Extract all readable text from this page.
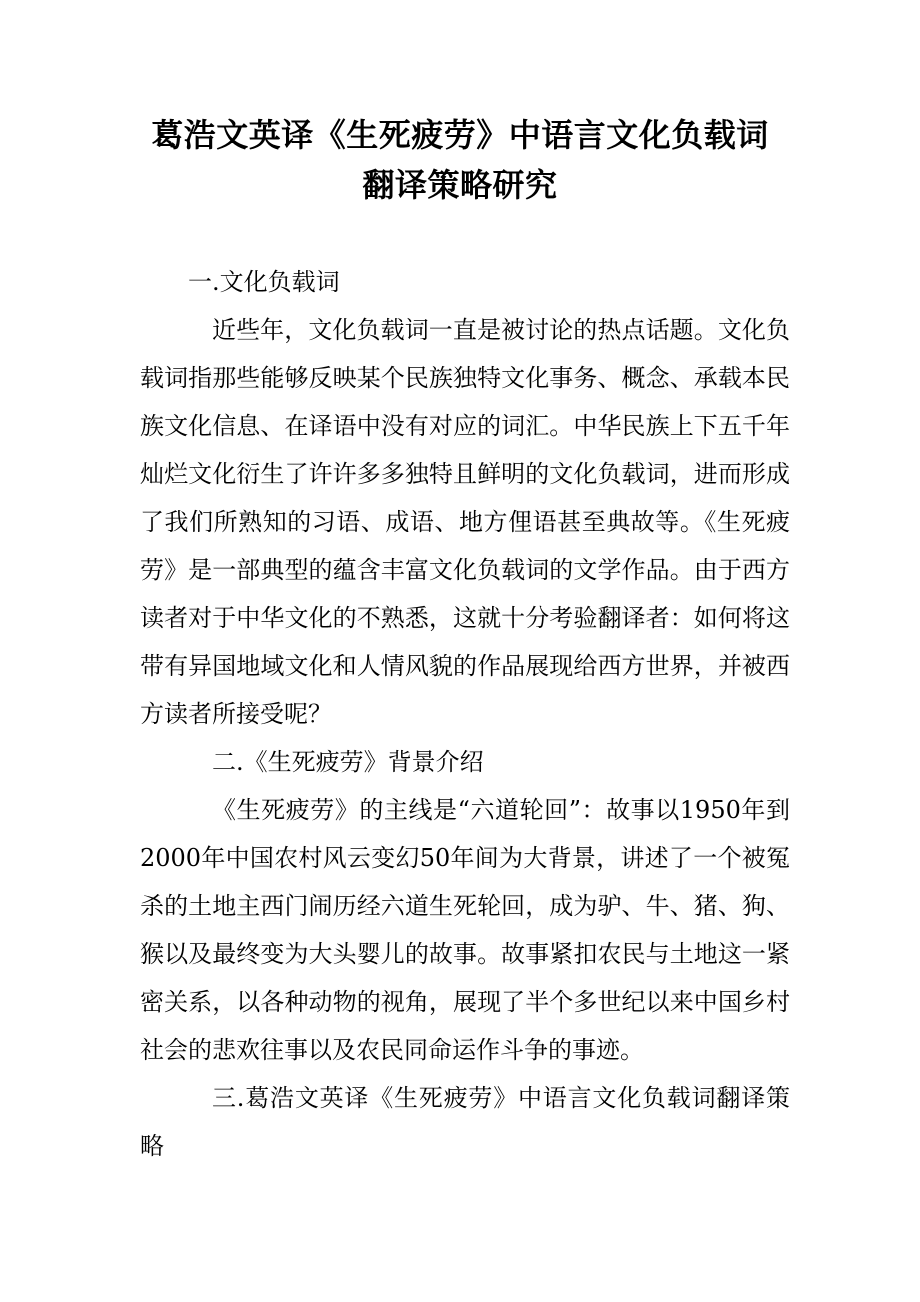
葛浩文英译《生死疲劳》中语言文化负载词
翻译策略研究

一.文化负载词

近些年，文化负载词一直是被讨论的热点话题。文化负载词指那些能够反映某个民族独特文化事务、概念、承载本民族文化信息、在译语中没有对应的词汇。中华民族上下五千年灿烂文化衍生了许许多多独特且鲜明的文化负载词，进而形成了我们所熟知的习语、成语、地方俚语甚至典故等。《生死疲劳》是一部典型的蕴含丰富文化负载词的文学作品。由于西方读者对于中华文化的不熟悉，这就十分考验翻译者：如何将这带有异国地域文化和人情风貌的作品展现给西方世界，并被西方读者所接受呢？

二.《生死疲劳》背景介绍

《生死疲劳》的主线是“六道轮回”：故事以1950年到2000年中国农村风云变幻50年间为大背景，讲述了一个被冤杀的土地主西门闹历经六道生死轮回，成为驴、牛、猪、狗、猴以及最终变为大头婴儿的故事。故事紧扣农民与土地这一紧密关系，以各种动物的视角，展现了半个多世纪以来中国乡村社会的悲欢往事以及农民同命运作斗争的事迹。

三.葛浩文英译《生死疲劳》中语言文化负载词翻译策略
